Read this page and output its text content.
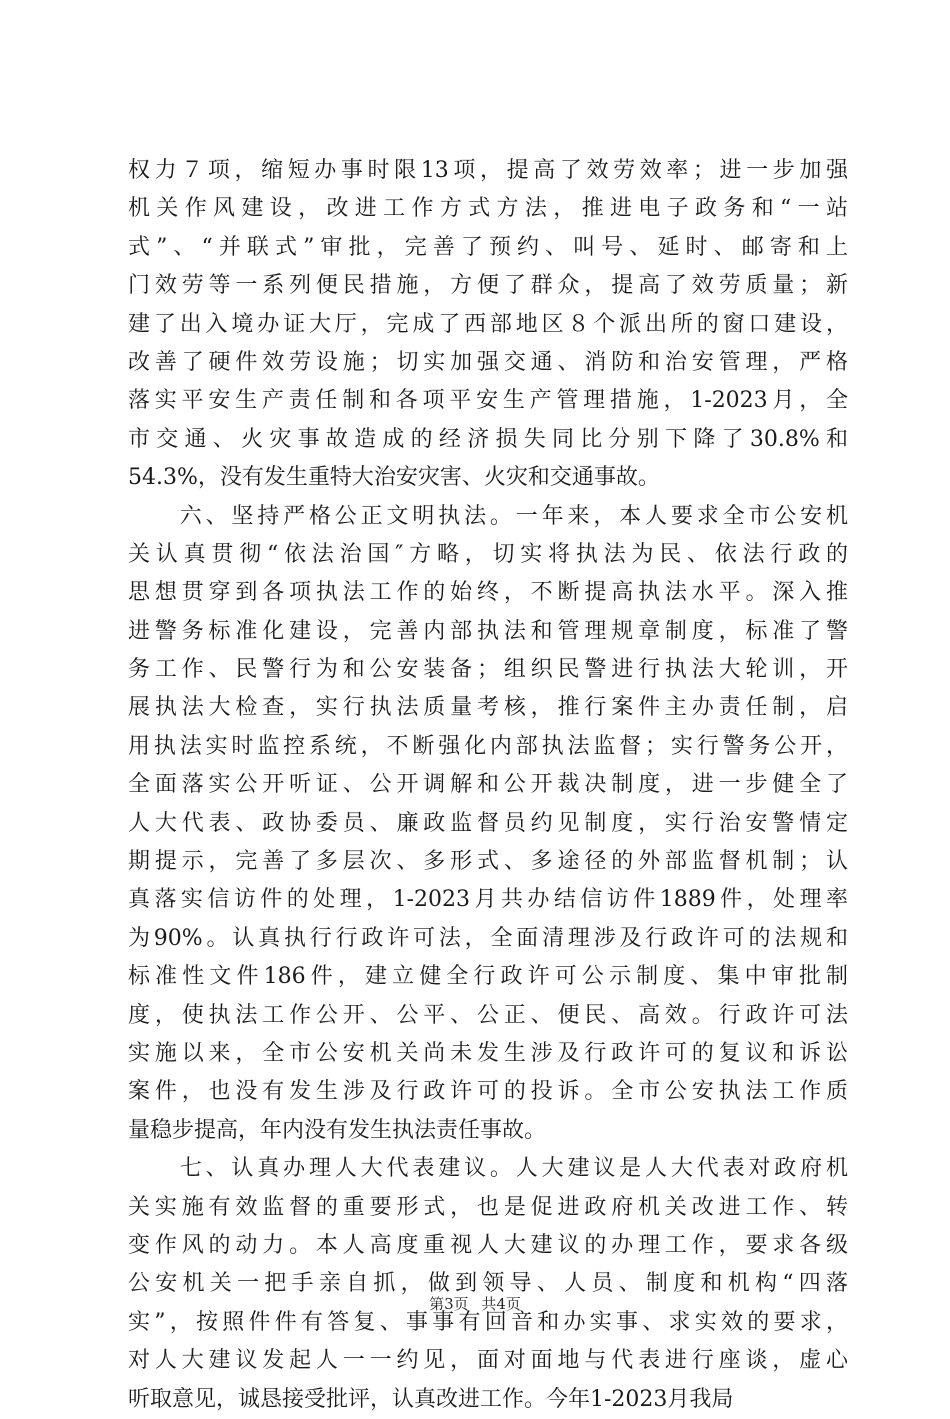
权力７项，缩短办事时限13项，提高了效劳效率；进一步加强
机关作风建设，改进工作方式方法，推进电子政务和“一站
式”、“并联式”审批，完善了预约、叫号、延时、邮寄和上
门效劳等一系列便民措施，方便了群众，提高了效劳质量；新
建了出入境办证大厅，完成了西部地区８个派出所的窗口建设，
改善了硬件效劳设施；切实加强交通、消防和治安管理，严格
落实平安生产责任制和各项平安生产管理措施，1-2023月，全
市交通、火灾事故造成的经济损失同比分别下降了30.8%和
54.3%，没有发生重特大治安灾害、火灾和交通事故。
　　六、坚持严格公正文明执法。一年来，本人要求全市公安机
关认真贯彻“依法治国″方略，切实将执法为民、依法行政的
思想贯穿到各项执法工作的始终，不断提高执法水平。深入推
进警务标准化建设，完善内部执法和管理规章制度，标准了警
务工作、民警行为和公安装备；组织民警进行执法大轮训，开
展执法大检查，实行执法质量考核，推行案件主办责任制，启
用执法实时监控系统，不断强化内部执法监督；实行警务公开，
全面落实公开听证、公开调解和公开裁决制度，进一步健全了
人大代表、政协委员、廉政监督员约见制度，实行治安警情定
期提示，完善了多层次、多形式、多途径的外部监督机制；认
真落实信访件的处理，1-2023月共办结信访件1889件，处理率
为90%。认真执行行政许可法，全面清理涉及行政许可的法规和
标准性文件186件，建立健全行政许可公示制度、集中审批制
度，使执法工作公开、公平、公正、便民、高效。行政许可法
实施以来，全市公安机关尚未发生涉及行政许可的复议和诉讼
案件，也没有发生涉及行政许可的投诉。全市公安执法工作质
量稳步提高，年内没有发生执法责任事故。
　　七、认真办理人大代表建议。人大建议是人大代表对政府机
关实施有效监督的重要形式，也是促进政府机关改进工作、转
变作风的动力。本人高度重视人大建议的办理工作，要求各级
公安机关一把手亲自抓，做到领导、人员、制度和机构“四落
实”，按照件件有答复、事事有回音和办实事、求实效的要求，
对人大建议发起人一一约见，面对面地与代表进行座谈，虚心
听取意见，诚恳接受批评，认真改进工作。今年1-2023月我局
第3页 共4页
